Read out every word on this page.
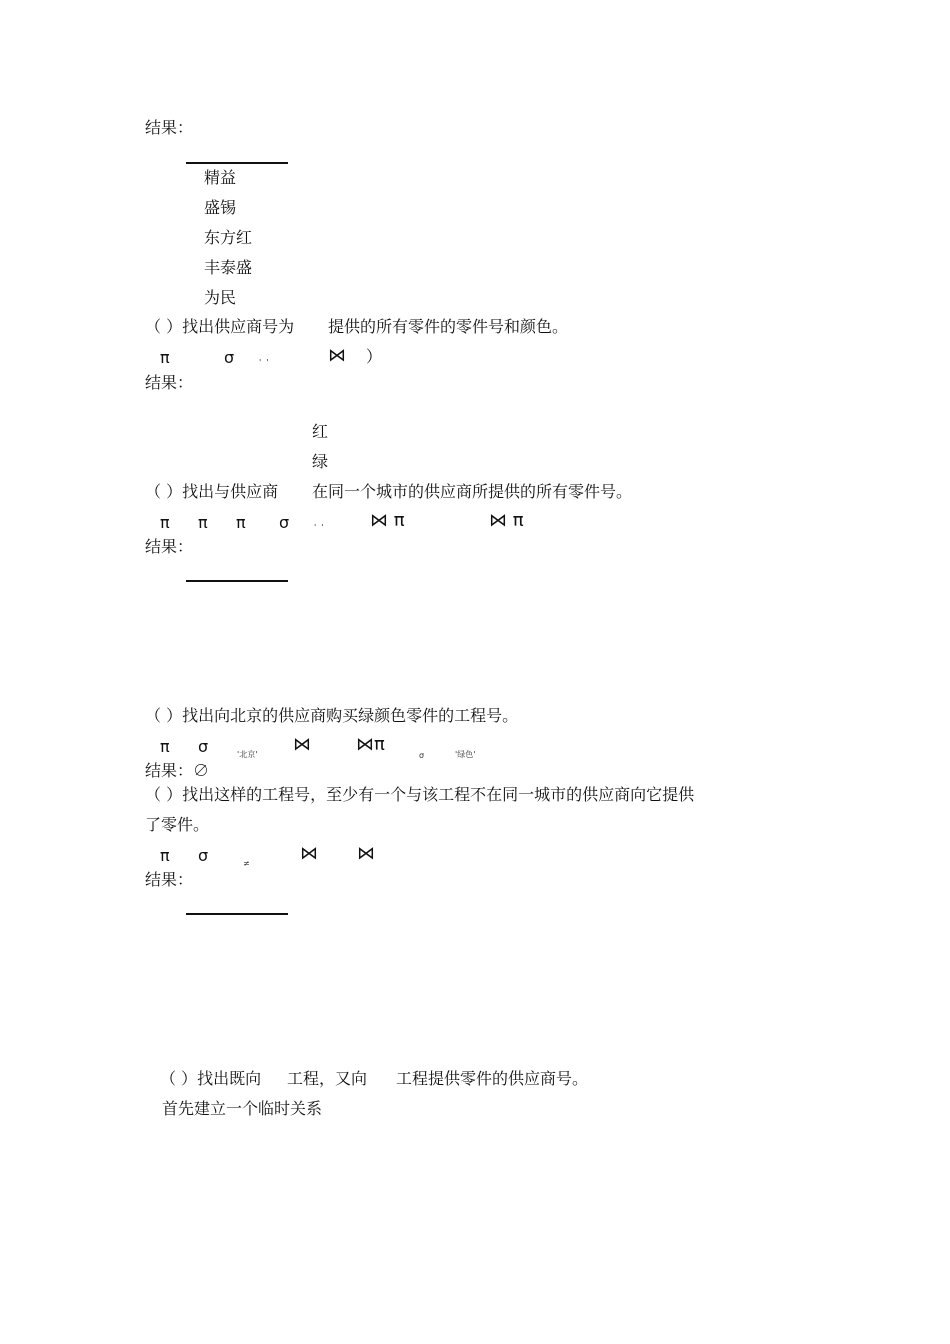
结果：
精益
盛锡
东方红
丰泰盛
为民
（ ）找出供应商号为 提供的所有零件的零件号和颜色。
π	σ	'  '	⋈ ）
结果：
红
绿
（ ）找出与供应商 在同一个城市的供应商所提供的所有零件号。
π π π σ	'  '	⋈ π	⋈ π
结果：
（ ）找出向北京的供应商购买绿颜色零件的工程号。
π σ	'北京' ⋈	⋈π
σ	'绿色'
结果：∅
（ ）找出这样的工程号，至少有一个与该工程不在同一城市的供应商向它提供
了零件。
π σ	≠	⋈ ⋈
结果：
（ ）找出既向 工程，又向 工程提供零件的供应商号。
首先建立一个临时关系
